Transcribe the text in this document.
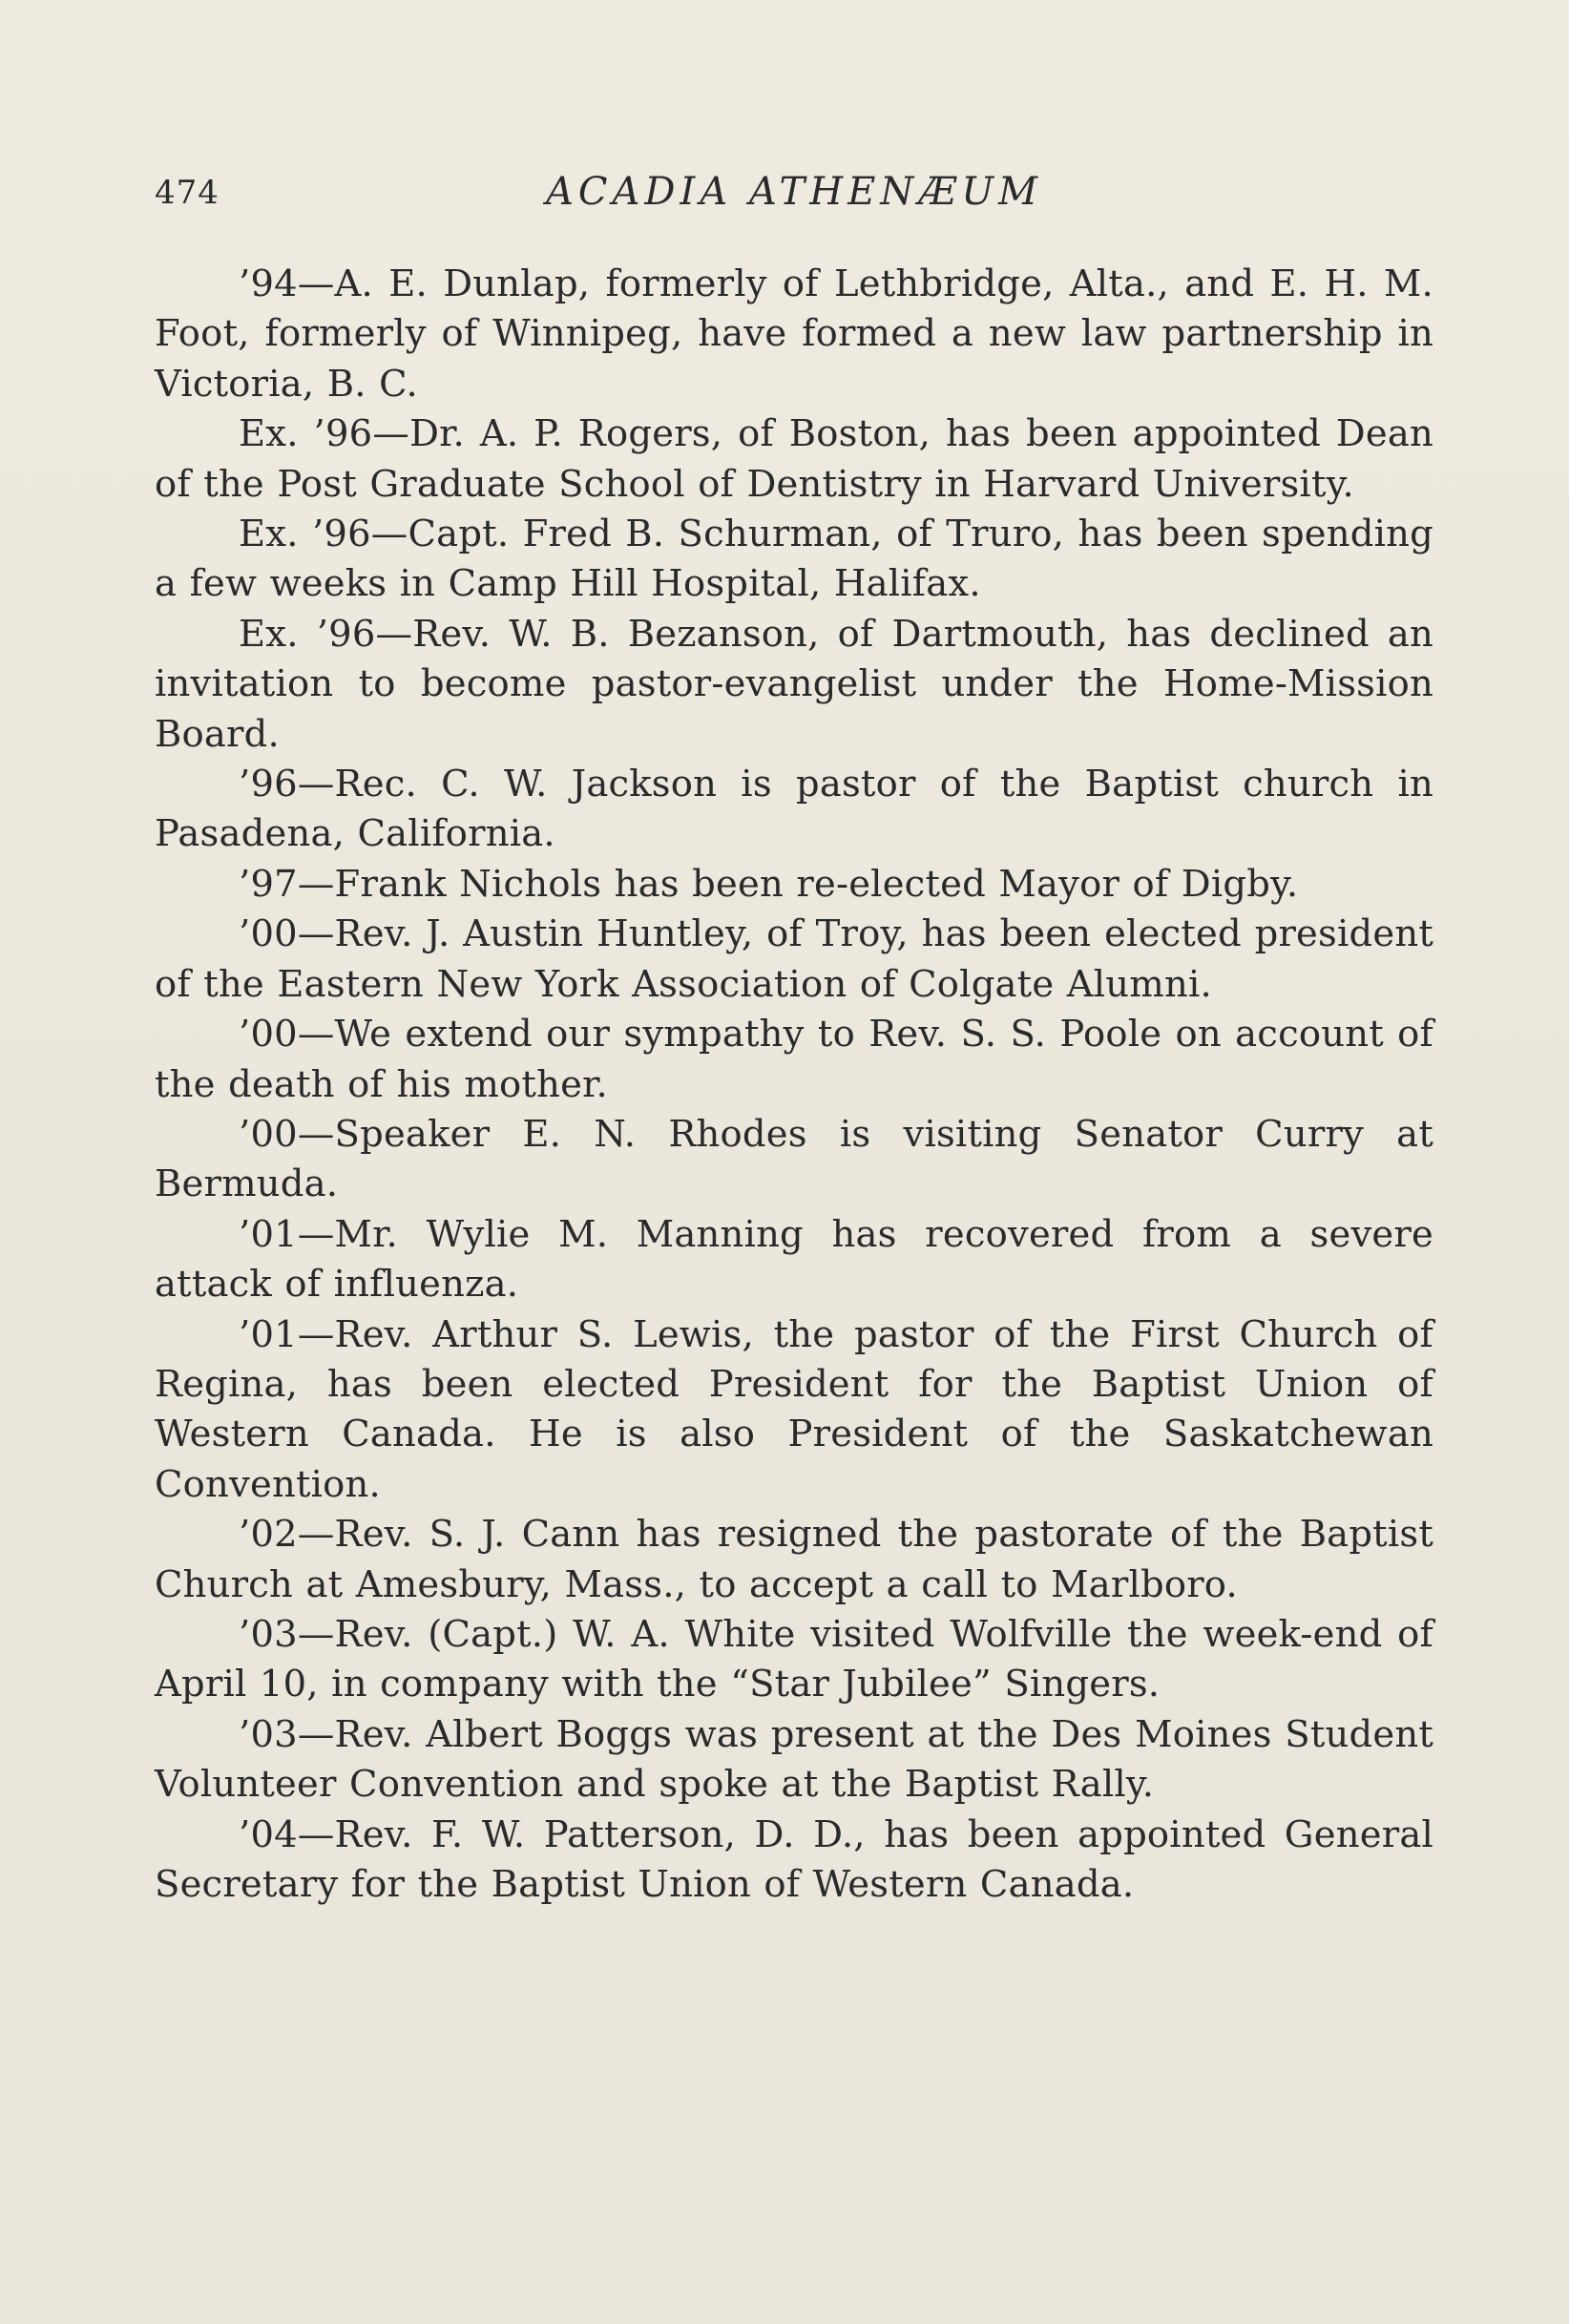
474	ACADIA ATHENÆUM

’94—A. E. Dunlap, formerly of Lethbridge, Alta., and E. H. M. Foot, formerly of Winnipeg, have formed a new law partnership in Victoria, B. C.

Ex. ’96—Dr. A. P. Rogers, of Boston, has been appointed Dean of the Post Graduate School of Dentistry in Harvard University.

Ex. ’96—Capt. Fred B. Schurman, of Truro, has been spending a few weeks in Camp Hill Hospital, Halifax.

Ex. ’96—Rev. W. B. Bezanson, of Dartmouth, has declined an invitation to become pastor-evangelist under the Home-Mission Board.

’96—Rec. C. W. Jackson is pastor of the Baptist church in Pasadena, California.

’97—Frank Nichols has been re-elected Mayor of Digby.

’00—Rev. J. Austin Huntley, of Troy, has been elected president of the Eastern New York Association of Colgate Alumni.

’00—We extend our sympathy to Rev. S. S. Poole on account of the death of his mother.

’00—Speaker E. N. Rhodes is visiting Senator Curry at Bermuda.

’01—Mr. Wylie M. Manning has recovered from a severe attack of influenza.

’01—Rev. Arthur S. Lewis, the pastor of the First Church of Regina, has been elected President for the Baptist Union of Western Canada. He is also President of the Saskatchewan Convention.

’02—Rev. S. J. Cann has resigned the pastorate of the Baptist Church at Amesbury, Mass., to accept a call to Marlboro.

’03—Rev. (Capt.) W. A. White visited Wolfville the week-end of April 10, in company with the “Star Jubilee” Singers.

’03—Rev. Albert Boggs was present at the Des Moines Student Volunteer Convention and spoke at the Baptist Rally.

’04—Rev. F. W. Patterson, D. D., has been appointed General Secretary for the Baptist Union of Western Canada.
